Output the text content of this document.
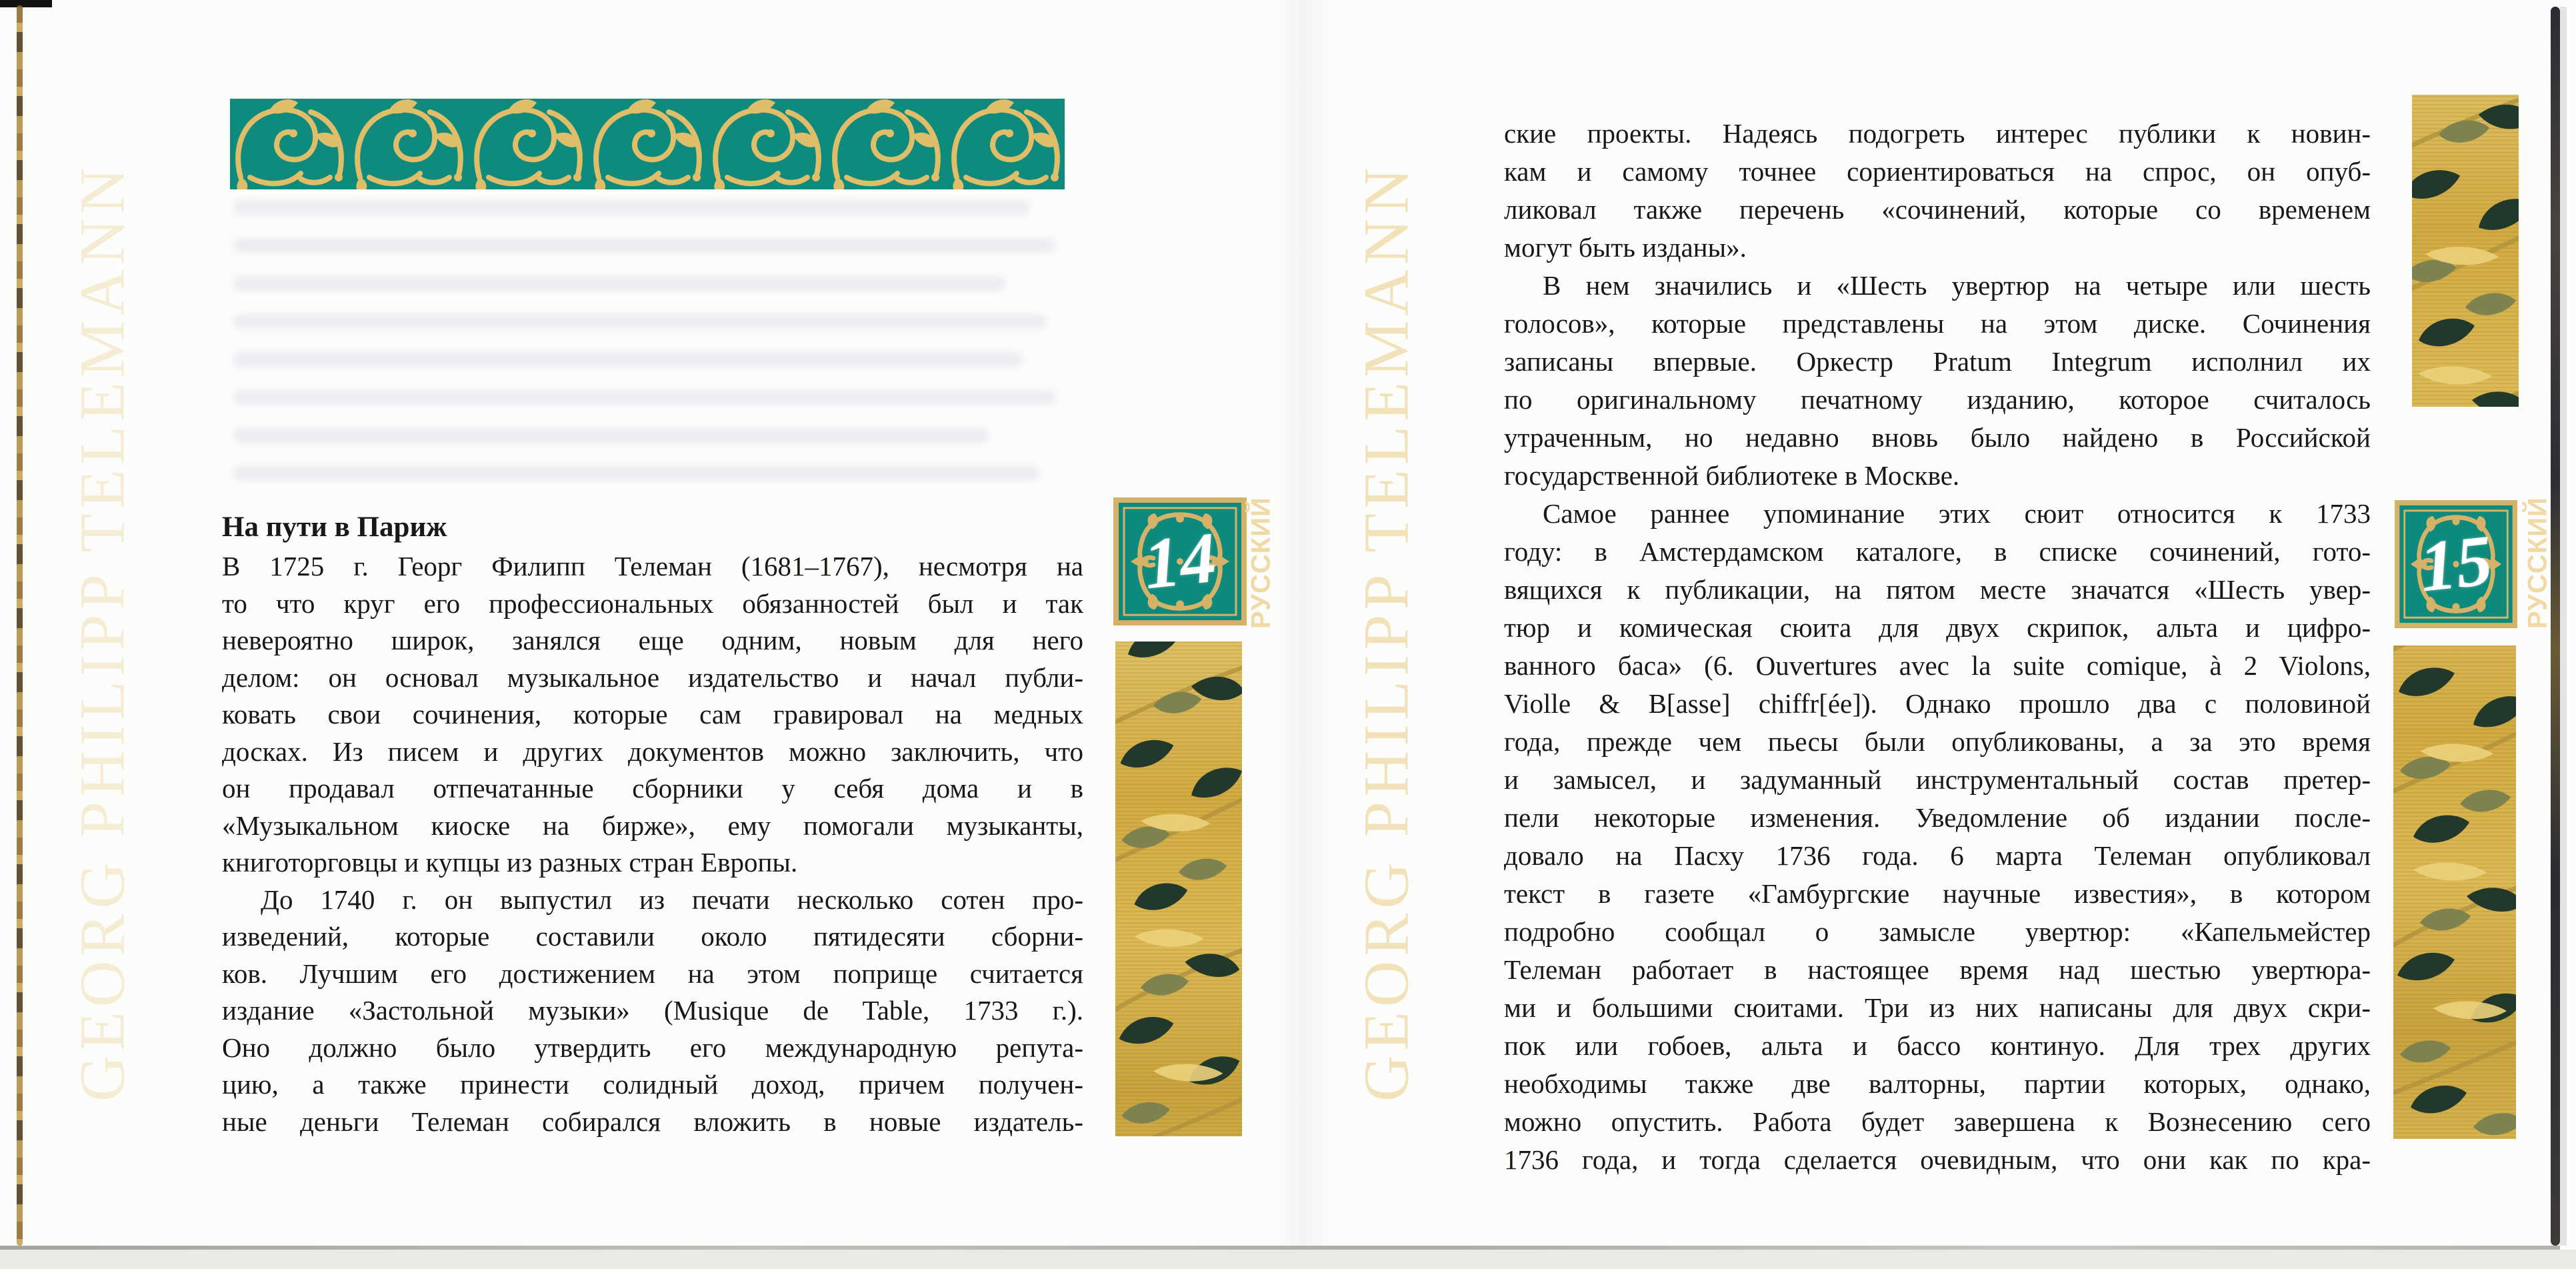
GEORG PHILIPP TELEMANN	На пути в Париж
В 1725 г. Георг Филипп Телеман (1681–1767), несмотря на
то что круг его профессиональных обязанностей был и так
невероятно широк, занялся еще одним, новым для него
делом: он основал музыкальное издательство и начал публи-
ковать свои сочинения, которые сам гравировал на медных
досках. Из писем и других документов можно заключить, что
он продавал отпечатанные сборники у себя дома и в
«Музыкальном киоске на бирже», ему помогали музыканты,
книготорговцы и купцы из разных стран Европы.
До 1740 г. он выпустил из печати несколько сотен про-
изведений, которые составили около пятидесяти сборни-
ков. Лучшим его достижением на этом поприще считается
издание «Застольной музыки» (Musique de Table, 1733 г.).
Оно должно было утвердить его международную репута-
цию, а также принести солидный доход, причем получен-
ные деньги Телеман собирался вложить в новые издатель-
14 РУССКИЙ GEORG PHILIPP TELEMANN
ские проекты. Надеясь подогреть интерес публики к новин-
кам и самому точнее сориентироваться на спрос, он опуб-
ликовал также перечень «сочинений, которые со временем
могут быть изданы».
В нем значились и «Шесть увертюр на четыре или шесть
голосов», которые представлены на этом диске. Сочинения
записаны впервые. Оркестр Pratum Integrum исполнил их
по оригинальному печатному изданию, которое считалось
утраченным, но недавно вновь было найдено в Российской
государственной библиотеке в Москве.
Самое раннее упоминание этих сюит относится к 1733
году: в Амстердамском каталоге, в списке сочинений, гото-
вящихся к публикации, на пятом месте значатся «Шесть увер-
тюр и комическая сюита для двух скрипок, альта и цифро-
ванного баса» (6. Ouvertures avec la suite comique, à 2 Violons,
Violle & B[asse] chiffr[ée]). Однако прошло два с половиной
года, прежде чем пьесы были опубликованы, а за это время
и замысел, и задуманный инструментальный состав претер-
пели некоторые изменения. Уведомление об издании после-
довало на Пасху 1736 года. 6 марта Телеман опубликовал
текст в газете «Гамбургские научные известия», в котором
подробно сообщал о замысле увертюр: «Капельмейстер
Телеман работает в настоящее время над шестью увертюра-
ми и большими сюитами. Три из них написаны для двух скри-
пок или гобоев, альта и бассо континуо. Для трех других
необходимы также две валторны, партии которых, однако,
можно опустить. Работа будет завершена к Вознесению сего
1736 года, и тогда сделается очевидным, что они как по кра-
15	РУССКИЙ
